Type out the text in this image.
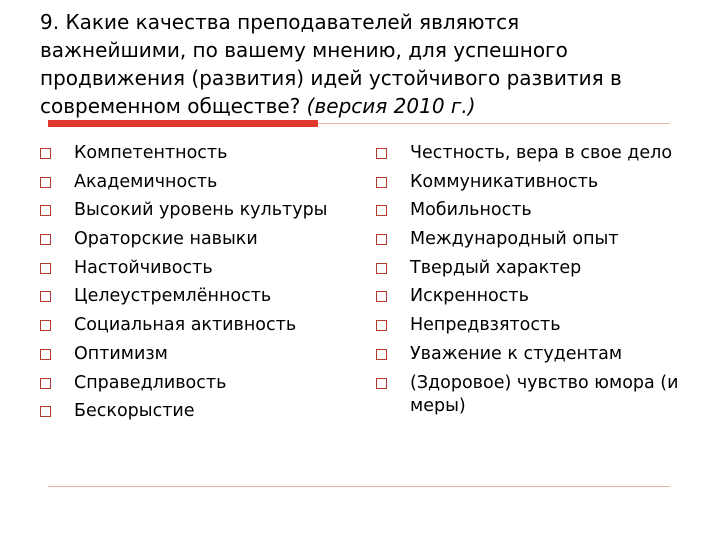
9. Какие качества преподавателей являются
важнейшими, по вашему мнению, для успешного
продвижения (развития) идей устойчивого развития в
современном обществе? (версия 2010 г.)
Компетентность
Академичность
Высокий уровень культуры
Ораторские навыки
Настойчивость
Целеустремлённость
Социальная активность
Оптимизм
Справедливость
Бескорыстие
Честность, вера в свое дело
Коммуникативность
Мобильность
Международный опыт
Твердый характер
Искренность
Непредвзятость
Уважение к студентам
(Здоровое) чувство юмора (и меры)
